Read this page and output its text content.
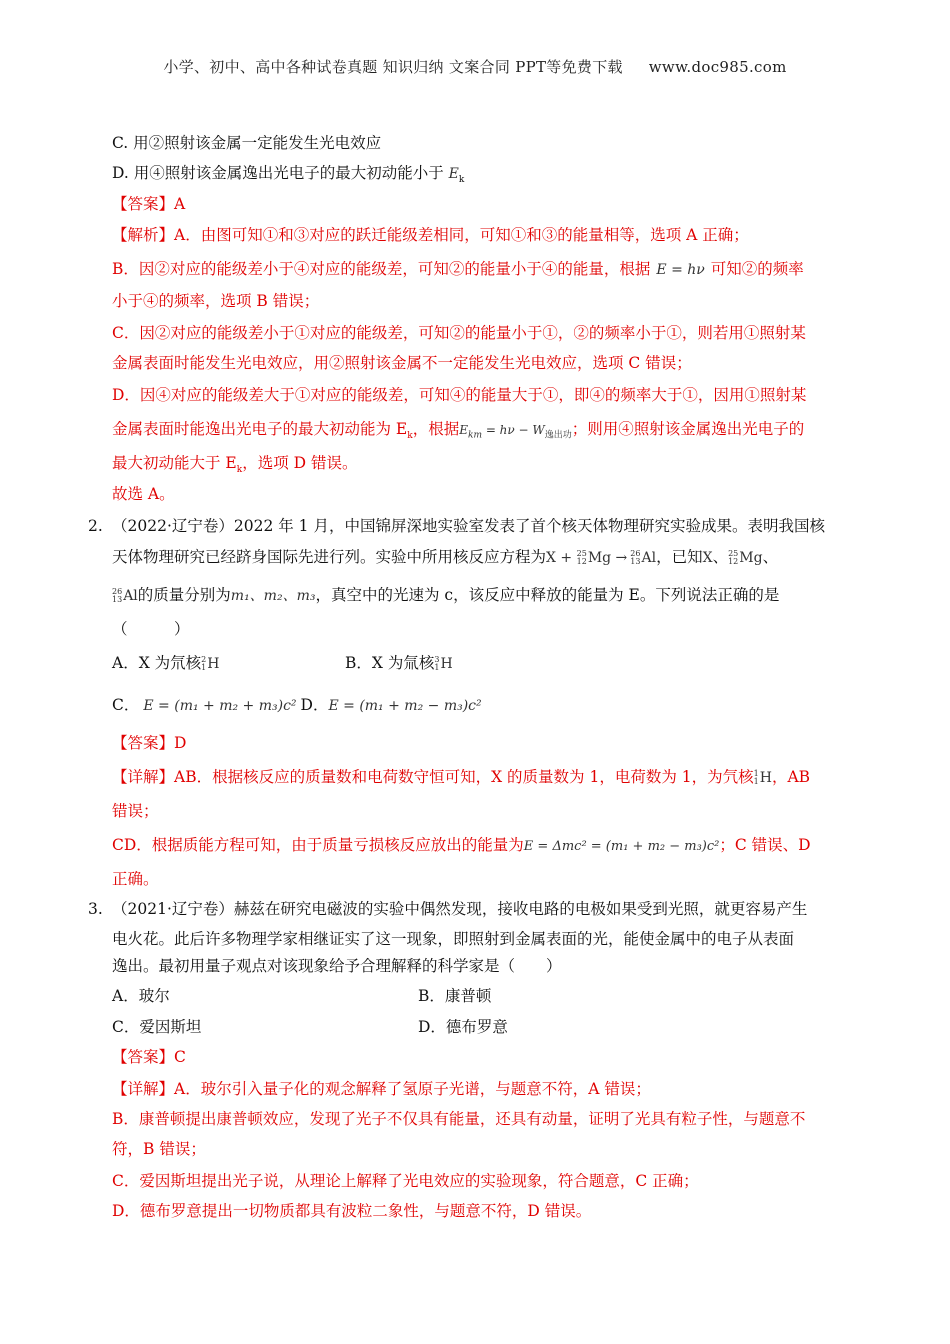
小学、初中、高中各种试卷真题 知识归纳 文案合同 PPT等免费下载 www.doc985.com
C. 用②照射该金属一定能发生光电效应
D. 用④照射该金属逸出光电子的最大初动能小于 $E_k$
【答案】A
【解析】A．由图可知①和③对应的跃迁能级差相同，可知①和③的能量相等，选项 A 正确；
B．因②对应的能级差小于④对应的能级差，可知②的能量小于④的能量，根据 E = hν 可知②的频率
小于④的频率，选项 B 错误；
C．因②对应的能级差小于①对应的能级差，可知②的能量小于①，②的频率小于①，则若用①照射某
金属表面时能发生光电效应，用②照射该金属不一定能发生光电效应，选项 C 错误；
D．因④对应的能级差大于①对应的能级差，可知④的能量大于①，即④的频率大于①，因用①照射某
金属表面时能逸出光电子的最大初动能为 $E_k$，根据$E_{km} = h\nu - W_{逸出功}$；则用④照射该金属逸出光电子的
最大初动能大于 $E_k$，选项 D 错误。
故选 A。
2. （2022·辽宁卷）2022 年 1 月，中国锦屏深地实验室发表了首个核天体物理研究实验成果。表明我国核
天体物理研究已经跻身国际先进行列。实验中所用核反应方程为X + 25
12 Mg → 26
13 Al，已知X、 25
12 Mg、
26
13 Al的质量分别为m₁、m₂、m₃，真空中的光速为 c，该反应中释放的能量为 E。下列说法正确的是
（　　　）
A．X 为氘核 2
1 H	B．X 为氚核 3
1 H
C． E = (m₁ + m₂ + m₃)c² D．E = (m₁ + m₂ − m₃)c²
【答案】D
【详解】AB．根据核反应的质量数和电荷数守恒可知，X 的质量数为 1，电荷数为 1，为氕核 1
1 H，AB
错误；
CD．根据质能方程可知，由于质量亏损核反应放出的能量为E = Δmc² = (m₁ + m₂ − m₃)c²；C 错误、D
正确。
3. （2021·辽宁卷）赫兹在研究电磁波的实验中偶然发现，接收电路的电极如果受到光照，就更容易产生
电火花。此后许多物理学家相继证实了这一现象，即照射到金属表面的光，能使金属中的电子从表面
逸出。最初用量子观点对该现象给予合理解释的科学家是（　　）
A．玻尔	B．康普顿
C．爱因斯坦	D．德布罗意
【答案】C
【详解】A．玻尔引入量子化的观念解释了氢原子光谱，与题意不符，A 错误；
B．康普顿提出康普顿效应，发现了光子不仅具有能量，还具有动量，证明了光具有粒子性，与题意不
符，B 错误；
C．爱因斯坦提出光子说，从理论上解释了光电效应的实验现象，符合题意，C 正确；
D．德布罗意提出一切物质都具有波粒二象性，与题意不符，D 错误。
